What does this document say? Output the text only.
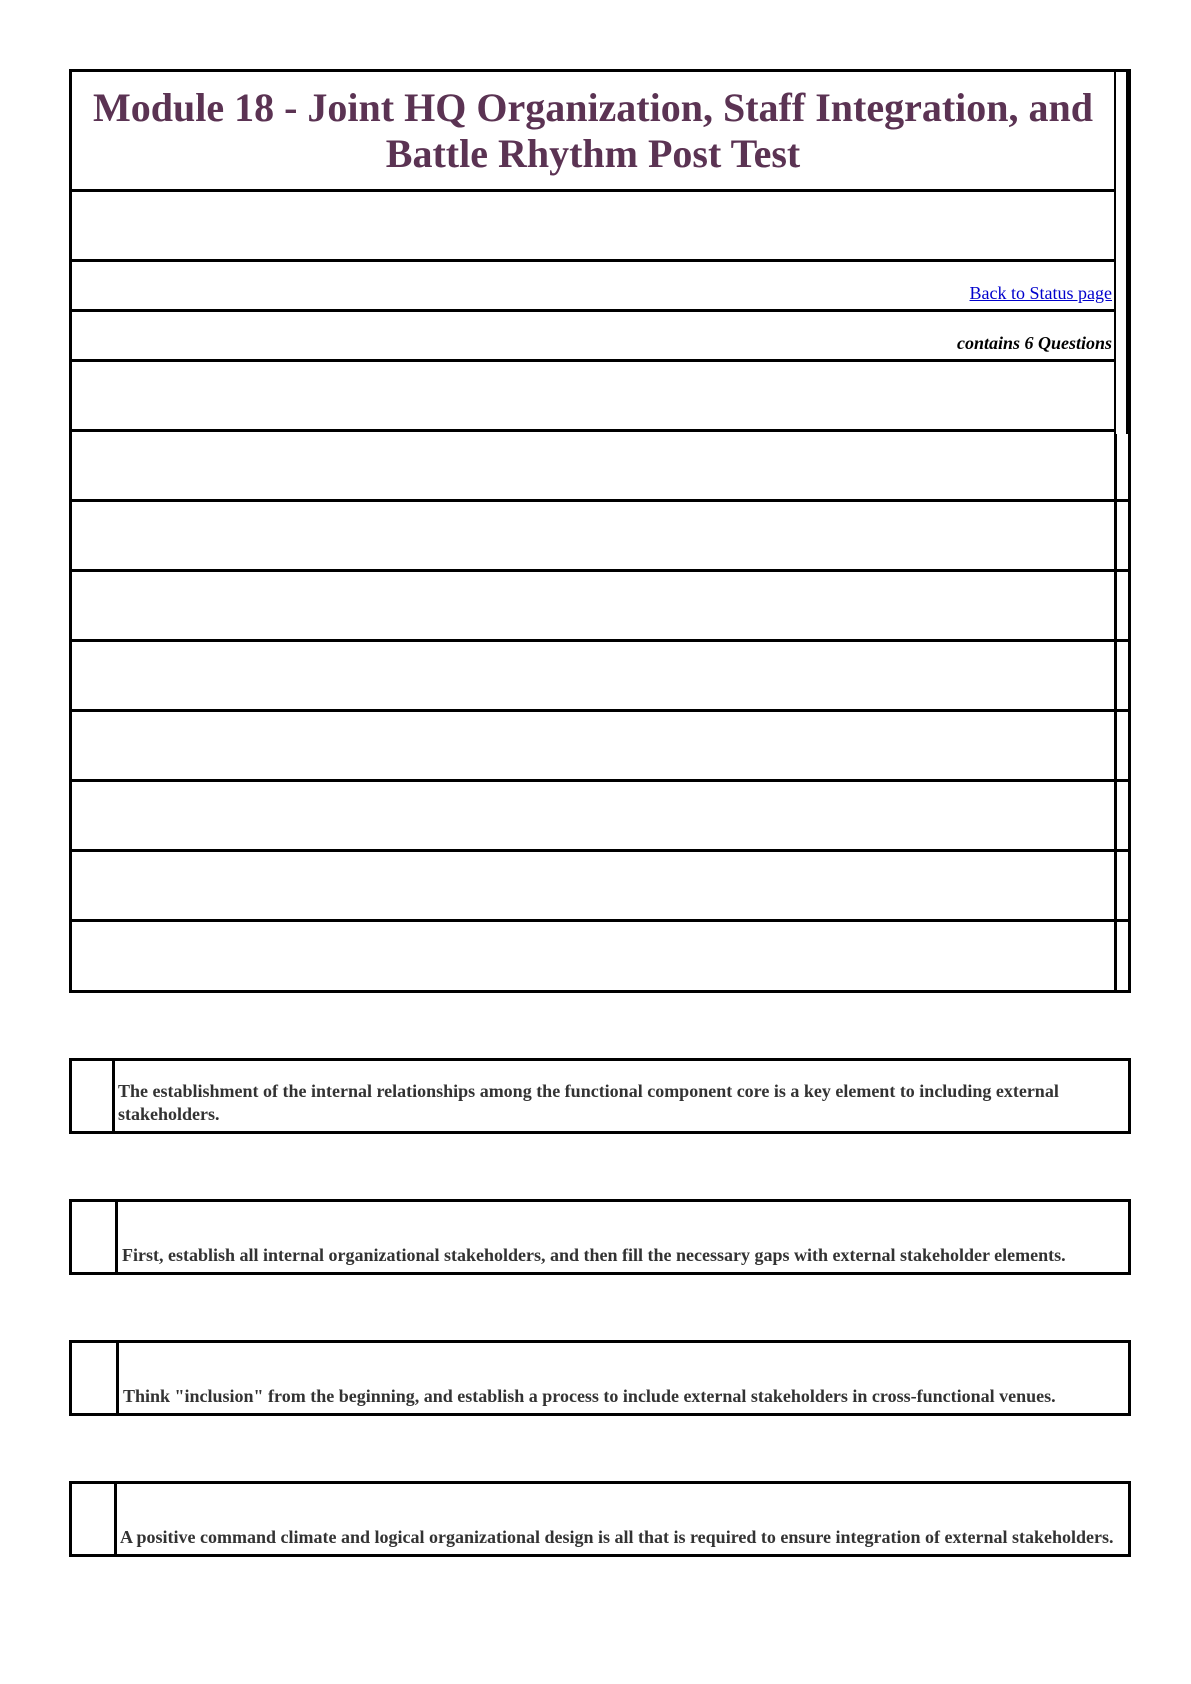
Module 18 - Joint HQ Organization, Staff Integration, and
Battle Rhythm Post Test
Back to Status page
contains 6 Questions
The establishment of the internal relationships among the functional component core is a key element to including external stakeholders.
First, establish all internal organizational stakeholders, and then fill the necessary gaps with external stakeholder elements.
Think "inclusion" from the beginning, and establish a process to include external stakeholders in cross-functional venues.
A positive command climate and logical organizational design is all that is required to ensure integration of external stakeholders.
